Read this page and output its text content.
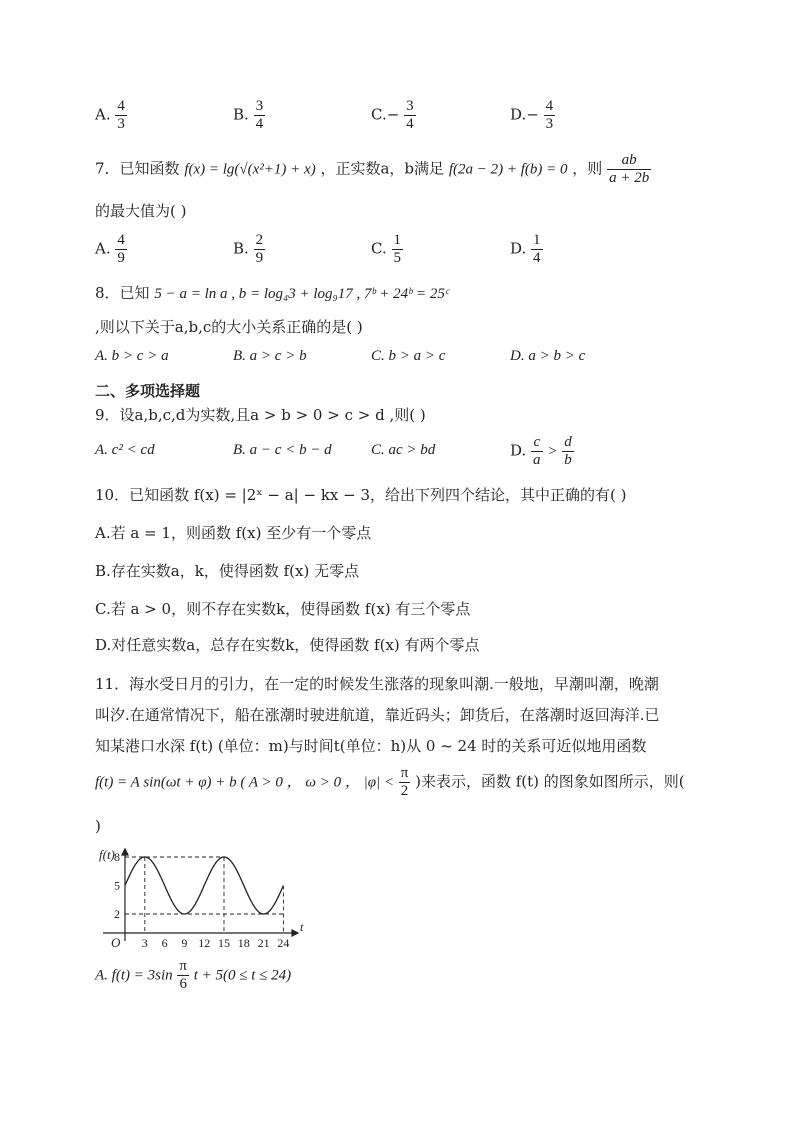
A. $\frac{4}{3}$	B. $\frac{3}{4}$	$C.- \frac{3}{4}$	$D.- \frac{4}{3}$
7．已知函数 f(x) = lg(√(x²+1) + x) ，正实数a，b满足 f(2a − 2) + f(b) = 0 ，则 $\frac{ab}{a + 2b}$
的最大值为( )
A. $\frac{4}{9}$	B. $\frac{2}{9}$	C. $\frac{1}{5}$	D. $\frac{1}{4}$
8．已知 5 − a = ln a , b = log₄3 + log₉17 , 7ᵇ + 24ᵇ = 25ᶜ
,则以下关于a,b,c的大小关系正确的是( )
A. b > c > a	B. a > c > b	C. b > a > c	D. a > b > c
二、多项选择题
9．设a,b,c,d为实数,且a > b > 0 > c > d ,则( )
A. c² < cd	B. a − c < b − d	C. ac > bd	D. $\frac{c}{a} > \frac{d}{b}$
10．已知函数 f(x) = |2ˣ − a| − kx − 3，给出下列四个结论，其中正确的有( )
A.若 a = 1，则函数 f(x) 至少有一个零点
B.存在实数a，k，使得函数 f(x) 无零点
C.若 a > 0，则不存在实数k，使得函数 f(x) 有三个零点
D.对任意实数a，总存在实数k，使得函数 f(x) 有两个零点
11．海水受日月的引力，在一定的时候发生涨落的现象叫潮.一般地，早潮叫潮，晚潮
叫汐.在通常情况下，船在涨潮时驶进航道，靠近码头；卸货后，在落潮时返回海洋.已
知某港口水深 f(t) (单位：m)与时间t(单位：h)从 0 ~ 24 时的关系可近似地用函数
f(t) = A sin(ωt + φ) + b ( A > 0 ， ω > 0 ， $|\varphi| < \frac{\pi}{2}$ )来表示，函数 f(t) 的图象如图所示，则(
)
f(t)
t
O 3 6 9 12 15 18 21 24
2
5
8
A. $f(t) = 3\sin \frac{\pi}{6}$ t + 5(0 ≤ t ≤ 24)
